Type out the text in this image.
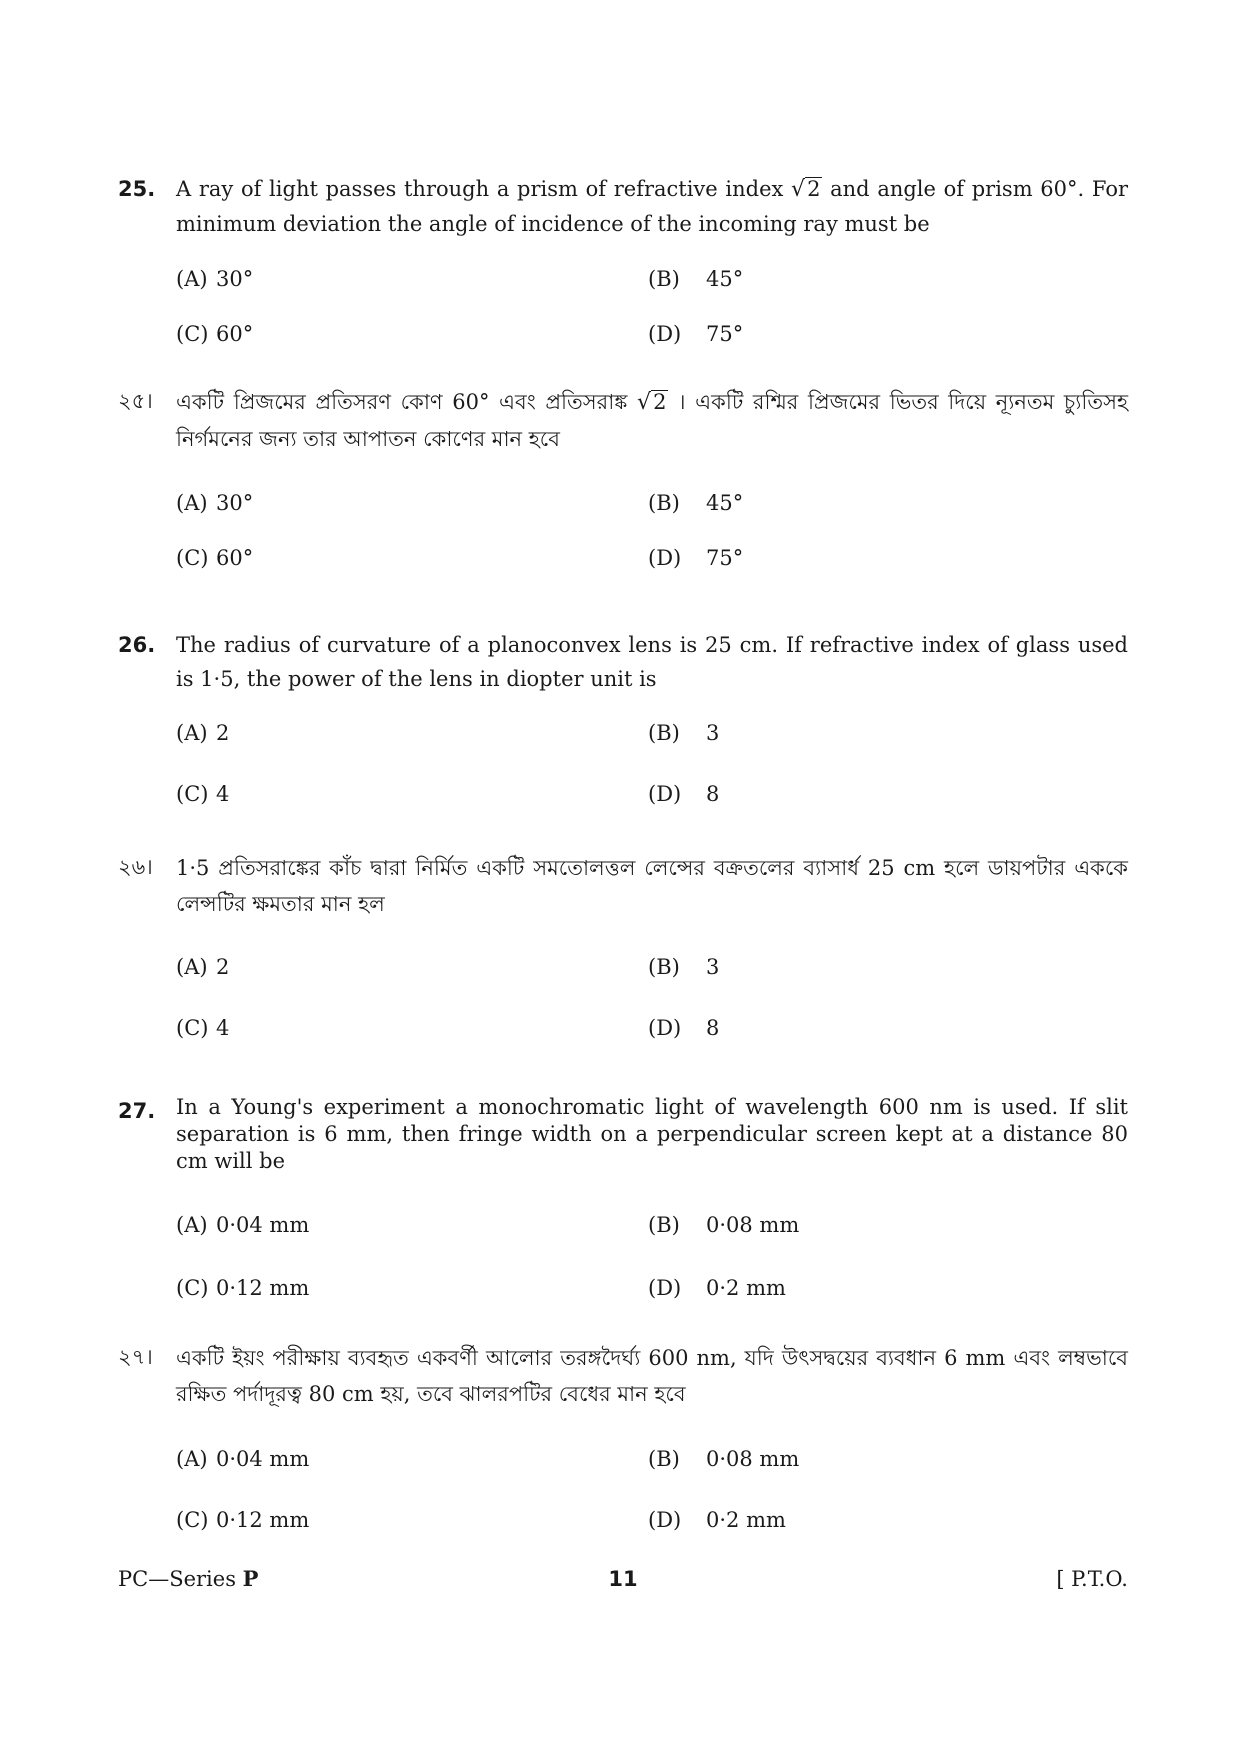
25. A ray of light passes through a prism of refractive index √2 and angle of prism 60°. For minimum deviation the angle of incidence of the incoming ray must be
(A) 30°	(B) 45°
(C) 60°	(D) 75°
২৫।	একটি প্রিজমের প্রতিসরণ কোণ 60° এবং প্রতিসরাঙ্ক √2 । একটি রশ্মির প্রিজমের ভিতর দিয়ে ন্যূনতম চ্যুতিসহ নির্গমনের জন্য তার আপাতন কোণের মান হবে
(A) 30°	(B) 45°
(C) 60°	(D) 75°
26. The radius of curvature of a planoconvex lens is 25 cm. If refractive index of glass used is 1·5, the power of the lens in diopter unit is
(A) 2	(B) 3
(C) 4	(D) 8
২৬।	1·5 প্রতিসরাঙ্কের কাঁচ দ্বারা নির্মিত একটি সমতোলত্তল লেন্সের বক্রতলের ব্যাসার্ধ 25 cm হলে ডায়পটার এককে লেন্সটির ক্ষমতার মান হল
(A) 2	(B) 3
(C) 4	(D) 8
27. In a Young's experiment a monochromatic light of wavelength 600 nm is used. If slit separation is 6 mm, then fringe width on a perpendicular screen kept at a distance 80 cm will be
(A) 0·04 mm	(B) 0·08 mm
(C) 0·12 mm	(D) 0·2 mm
২৭।	একটি ইয়ং পরীক্ষায় ব্যবহৃত একবর্ণী আলোর তরঙ্গদৈর্ঘ্য 600 nm, যদি উৎসদ্বয়ের ব্যবধান 6 mm এবং লম্বভাবে রক্ষিত পর্দাদূরত্ব 80 cm হয়, তবে ঝালরপটির বেধের মান হবে
(A) 0·04 mm	(B) 0·08 mm
(C) 0·12 mm	(D) 0·2 mm
PC—Series P	11	[ P.T.O.
